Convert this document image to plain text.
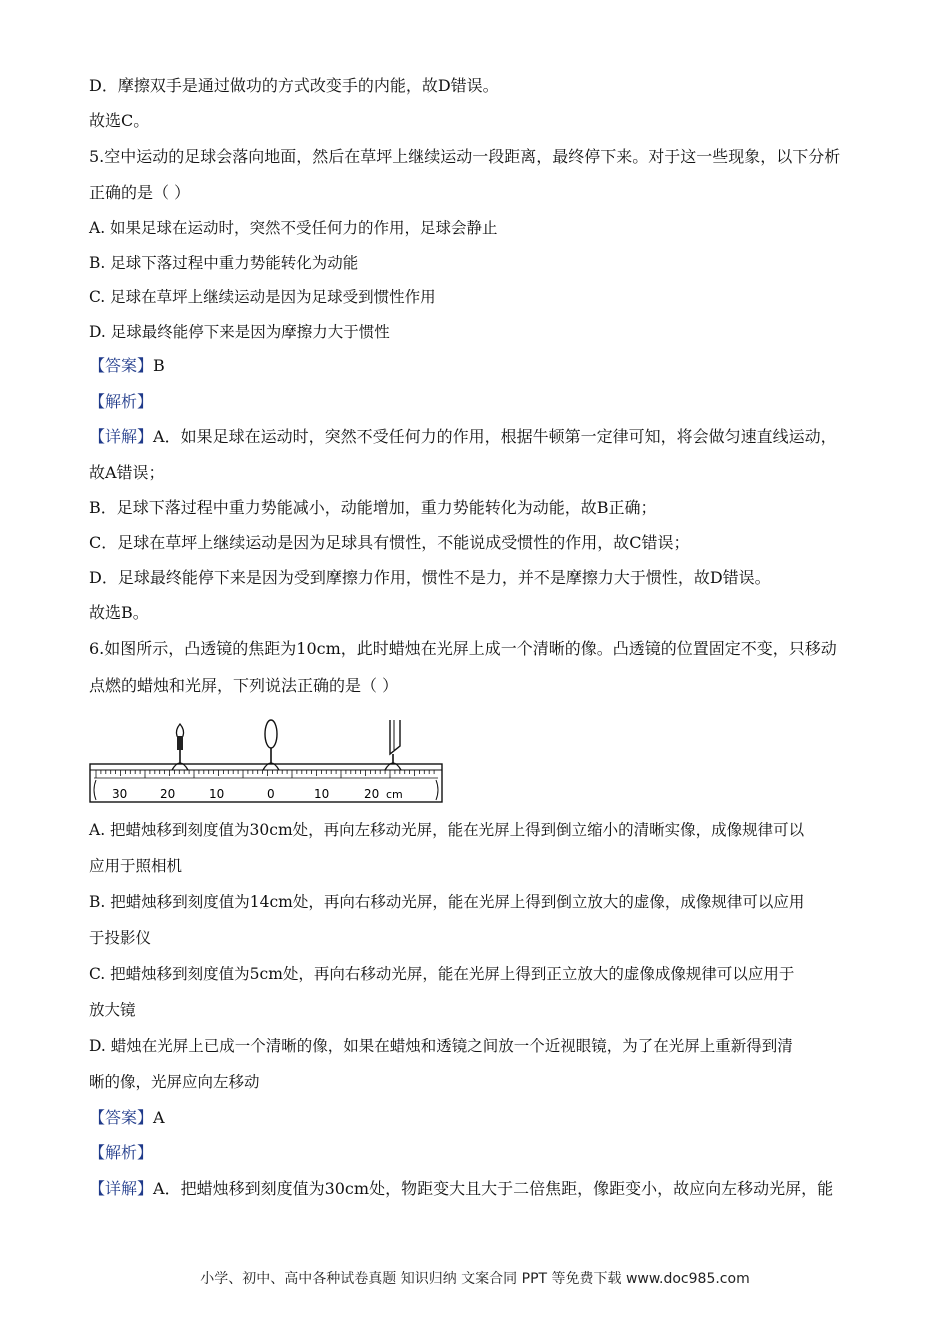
D．摩擦双手是通过做功的方式改变手的内能，故D错误。
故选C。
5.空中运动的足球会落向地面，然后在草坪上继续运动一段距离，最终停下来。对于这一些现象，以下分析
正确的是（ ）
A. 如果足球在运动时，突然不受任何力的作用，足球会静止
B. 足球下落过程中重力势能转化为动能
C. 足球在草坪上继续运动是因为足球受到惯性作用
D. 足球最终能停下来是因为摩擦力大于惯性
【答案】B
【解析】
【详解】A．如果足球在运动时，突然不受任何力的作用，根据牛顿第一定律可知，将会做匀速直线运动，
故A错误；
B．足球下落过程中重力势能减小，动能增加，重力势能转化为动能，故B正确；
C．足球在草坪上继续运动是因为足球具有惯性，不能说成受惯性的作用，故C错误；
D．足球最终能停下来是因为受到摩擦力作用，惯性不是力，并不是摩擦力大于惯性，故D错误。
故选B。
6.如图所示，凸透镜的焦距为10cm，此时蜡烛在光屏上成一个清晰的像。凸透镜的位置固定不变，只移动
点燃的蜡烛和光屏，下列说法正确的是（ ）
30	20	10	0	10	20 cm
A. 把蜡烛移到刻度值为30cm处，再向左移动光屏，能在光屏上得到倒立缩小的清晰实像，成像规律可以
应用于照相机
B. 把蜡烛移到刻度值为14cm处，再向右移动光屏，能在光屏上得到倒立放大的虚像，成像规律可以应用
于投影仪
C. 把蜡烛移到刻度值为5cm处，再向右移动光屏，能在光屏上得到正立放大的虚像成像规律可以应用于
放大镜
D. 蜡烛在光屏上已成一个清晰的像，如果在蜡烛和透镜之间放一个近视眼镜，为了在光屏上重新得到清
晰的像，光屏应向左移动
【答案】A
【解析】
【详解】A．把蜡烛移到刻度值为30cm处，物距变大且大于二倍焦距，像距变小，故应向左移动光屏，能
小学、初中、高中各种试卷真题 知识归纳 文案合同 PPT 等免费下载 www.doc985.com
